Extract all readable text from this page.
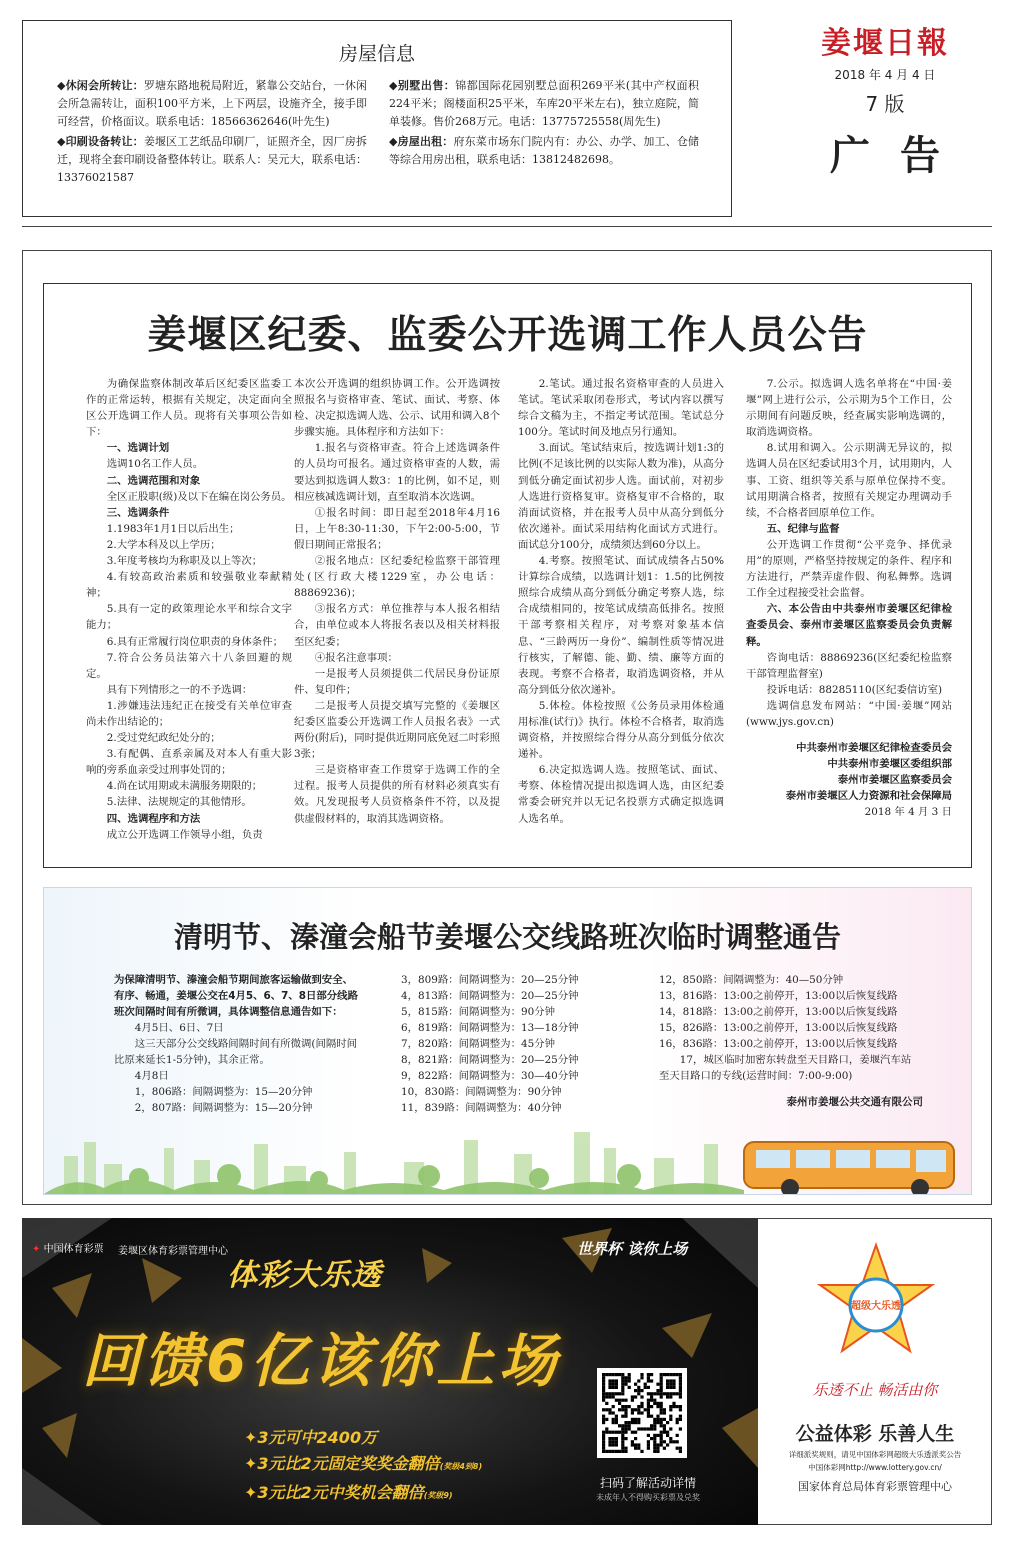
房屋信息

◆休闲会所转让：罗塘东路地税局附近，紧靠公交站台，一休闲会所急需转让，面积100平方米，上下两层，设施齐全，接手即可经营，价格面议。联系电话：18566362646(叶先生)

◆印刷设备转让：姜堰区工艺纸品印刷厂，证照齐全，因厂房拆迁，现将全套印刷设备整体转让。联系人：吴元大，联系电话：13376021587

◆别墅出售：锦都国际花园别墅总面积269平米(其中产权面积224平米；阁楼面积25平米，车库20平米左右)，独立庭院，简单装修。售价268万元。电话：13775725558(周先生)

◆房屋出租：府东菜市场东门院内有：办公、办学、加工、仓储等综合用房出租，联系电话：13812482698。

姜堰日報
2018 年 4 月 4 日
7 版
广告
姜堰区纪委、监委公开选调工作人员公告

为确保监察体制改革后区纪委区监委工作的正常运转，根据有关规定，决定面向全区公开选调工作人员。现将有关事项公告如下：

一、选调计划

选调10名工作人员。

二、选调范围和对象

全区正股职(级)及以下在编在岗公务员。

三、选调条件

1.1983年1月1日以后出生；

2.大学本科及以上学历；

3.年度考核均为称职及以上等次；

4.有较高政治素质和较强敬业奉献精神；

5.具有一定的政策理论水平和综合文字能力；

6.具有正常履行岗位职责的身体条件；

7.符合公务员法第六十八条回避的规定。

具有下列情形之一的不予选调：

1.涉嫌违法违纪正在接受有关单位审查尚未作出结论的；

2.受过党纪政纪处分的；

3.有配偶、直系亲属及对本人有重大影响的旁系血亲受过刑事处罚的；

4.尚在试用期或未满服务期限的；

5.法律、法规规定的其他情形。

四、选调程序和方法

成立公开选调工作领导小组，负责

本次公开选调的组织协调工作。公开选调按照报名与资格审查、笔试、面试、考察、体检、决定拟选调人选、公示、试用和调入8个步骤实施。具体程序和方法如下：

1.报名与资格审查。符合上述选调条件的人员均可报名。通过资格审查的人数，需要达到拟选调人数3：1的比例，如不足，则相应核减选调计划，直至取消本次选调。

①报名时间：即日起至2018年4月16日，上午8:30-11:30，下午2:00-5:00，节假日期间正常报名；

②报名地点：区纪委纪检监察干部管理处(区行政大楼1229室，办公电话：88869236)；

③报名方式：单位推荐与本人报名相结合，由单位或本人将报名表以及相关材料报至区纪委；

④报名注意事项：

一是报考人员须提供二代居民身份证原件、复印件；

二是报考人员提交填写完整的《姜堰区纪委区监委公开选调工作人员报名表》一式两份(附后)，同时提供近期同底免冠二吋彩照3张；

三是资格审查工作贯穿于选调工作的全过程。报考人员提供的所有材料必须真实有效。凡发现报考人员资格条件不符，以及提供虚假材料的，取消其选调资格。

2.笔试。通过报名资格审查的人员进入笔试。笔试采取闭卷形式，考试内容以撰写综合文稿为主，不指定考试范围。笔试总分100分。笔试时间及地点另行通知。

3.面试。笔试结束后，按选调计划1:3的比例(不足该比例的以实际人数为准)，从高分到低分确定面试初步人选。面试前，对初步人选进行资格复审。资格复审不合格的，取消面试资格，并在报考人员中从高分到低分依次递补。面试采用结构化面试方式进行。面试总分100分，成绩须达到60分以上。

4.考察。按照笔试、面试成绩各占50%计算综合成绩，以选调计划1：1.5的比例按照综合成绩从高分到低分确定考察人选，综合成绩相同的，按笔试成绩高低排名。按照干部考察相关程序，对考察对象基本信息、“三龄两历一身份”、编制性质等情况进行核实，了解德、能、勤、绩、廉等方面的表现。考察不合格者，取消选调资格，并从高分到低分依次递补。

5.体检。体检按照《公务员录用体检通用标准(试行)》执行。体检不合格者，取消选调资格，并按照综合得分从高分到低分依次递补。

6.决定拟选调人选。按照笔试、面试、考察、体检情况提出拟选调人选，由区纪委常委会研究并以无记名投票方式确定拟选调人选名单。

7.公示。拟选调人选名单将在“中国·姜堰”网上进行公示，公示期为5个工作日，公示期间有问题反映，经查属实影响选调的，取消选调资格。

8.试用和调入。公示期满无异议的，拟选调人员在区纪委试用3个月，试用期内，人事、工资、组织等关系与原单位保持不变。试用期满合格者，按照有关规定办理调动手续，不合格者回原单位工作。

五、纪律与监督

公开选调工作贯彻“公平竞争、择优录用”的原则，严格坚持按规定的条件、程序和方法进行，严禁弄虚作假、徇私舞弊。选调工作全过程接受社会监督。

六、本公告由中共泰州市姜堰区纪律检查委员会、泰州市姜堰区监察委员会负责解释。

咨询电话：88869236(区纪委纪检监察干部管理监督室)

投诉电话：88285110(区纪委信访室)

选调信息发布网站：“中国·姜堰”网站(www.jys.gov.cn)

中共泰州市姜堰区纪律检查委员会

中共泰州市姜堰区委组织部

泰州市姜堰区监察委员会

泰州市姜堰区人力资源和社会保障局

2018 年 4 月 3 日

清明节、溱潼会船节姜堰公交线路班次临时调整通告

为保障清明节、溱潼会船节期间旅客运输做到安全、有序、畅通，姜堰公交在4月5、6、7、8日部分线路班次间隔时间有所微调，具体调整信息通告如下：

4月5日、6日、7日

这三天部分公交线路间隔时间有所微调(间隔时间比原来延长1-5分钟)，其余正常。

4月8日

1，806路：间隔调整为：15—20分钟

2，807路：间隔调整为：15—20分钟

3，809路：间隔调整为：20—25分钟

4，813路：间隔调整为：20—25分钟

5，815路：间隔调整为：90分钟

6，819路：间隔调整为：13—18分钟

7，820路：间隔调整为：45分钟

8，821路：间隔调整为：20—25分钟

9，822路：间隔调整为：30—40分钟

10，830路：间隔调整为：90分钟

11，839路：间隔调整为：40分钟

12，850路：间隔调整为：40—50分钟

13，816路：13:00之前停开，13:00以后恢复线路

14，818路：13:00之前停开，13:00以后恢复线路

15，826路：13:00之前停开，13:00以后恢复线路

16，836路：13:00之前停开，13:00以后恢复线路

17，城区临时加密东转盘至天目路口，姜堰汽车站至天目路口的专线(运营时间：7:00-9:00)

泰州市姜堰公共交通有限公司
✦ 中国体育彩票 姜堰区体育彩票管理中心
体彩大乐透
世界杯 该你上场
回馈6亿该你上场
✦3元可中2400万
✦3元比2元固定奖奖金翻倍(奖级4到8)
✦3元比2元中奖机会翻倍(奖级9)
扫码了解活动详情
未成年人不得购买彩票及兑奖
超级大乐透
乐透不止 畅活由你
公益体彩 乐善人生
详细派奖规则，请见中国体彩网超级大乐透派奖公告
中国体彩网http://www.lottery.gov.cn/
国家体育总局体育彩票管理中心
